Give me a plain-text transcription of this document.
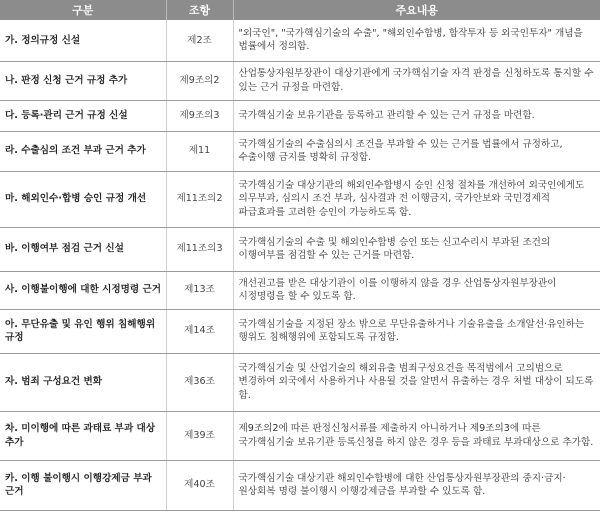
구분	조항	주요내용
가. 정의규정 신설	제2조	"외국인", "국가핵심기술의 수출", "해외인수합병, 합작투자 등 외국인투자" 개념을 법률에서 정의함.
나. 판정 신청 근거 규정 추가	제9조의2	산업통상자원부장관이 대상기관에게 국가핵심기술 자격 판정을 신청하도록 통지할 수 있는 근거 규정을 마련함.
다. 등록·관리 근거 규정 신설	제9조의3	국가핵심기술 보유기관을 등록하고 관리할 수 있는 근거 규정을 마련함.
라. 수출심의 조건 부과 근거 추가	제11	국가핵심기술의 수출심의시 조건을 부과할 수 있는 근거를 법률에서 규정하고, 수출이행 금지를 명확히 규정함.
마. 해외인수·합병 승인 규정 개선	제11조의2	국가핵심기술 대상기관의 해외인수합병시 승인 신청 절차를 개선하여 외국인에게도 의무부과, 심의시 조건 부과, 심사결과 전 이행금지, 국가안보와 국민경제적 파급효과를 고려한 승인이 가능하도록 함.
바. 이행여부 점검 근거 신설	제11조의3	국가핵심기술의 수출 및 해외인수합병 승인 또는 신고수리시 부과된 조건의 이행여부를 점검할 수 있는 근거를 마련함.
사. 이행불이행에 대한 시정명령 근거	제13조	개선권고를 받은 대상기관이 이를 이행하지 않을 경우 산업통상자원부장관이 시정명령을 할 수 있도록 함.
아. 무단유출 및 유인 행위 침해행위 규정	제14조	국가핵심기술을 지정된 장소 밖으로 무단유출하거나 기술유출을 소개알선·유인하는 행위도 침해행위에 포함되도록 규정함.
자. 범죄 구성요건 변화	제36조	국가핵심기술 및 산업기술의 해외유출 범죄구성요건을 목적범에서 고의범으로 변경하여 외국에서 사용하거나 사용될 것을 알면서 유출하는 경우 처벌 대상이 되도록 함.
차. 미이행에 따른 과태료 부과 대상 추가	제39조	제9조의2에 따른 판정신청서류를 제출하지 아니하거나 제9조의3에 따른 국가핵심기술 보유기관 등록신청을 하지 않은 경우 등을 과태료 부과대상으로 추가함.
카. 이행 불이행시 이행강제금 부과 근거	제40조	국가핵심기술 대상기관 해외인수합병에 대한 산업통상자원부장관의 중지·금지·원상회복 명령 불이행시 이행강제금을 부과할 수 있도록 함.
